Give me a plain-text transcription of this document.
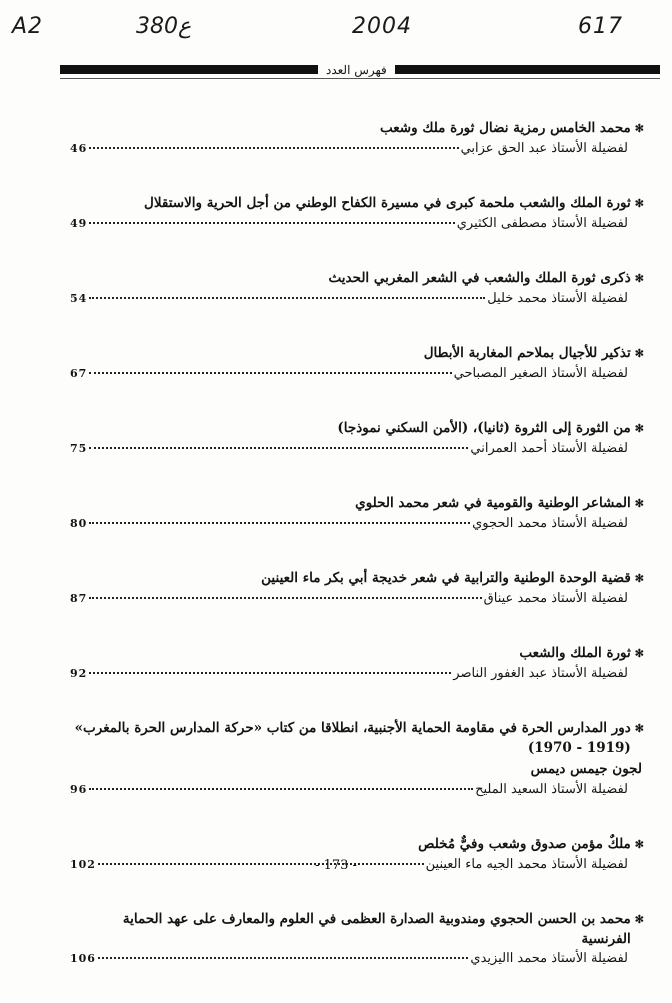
A2	380ع	2004	617
فهرس العدد
✻
محمد الخامس رمزية نضال ثورة ملك وشعب
لفضيلة الأستاذ عبد الحق عزابي
46
✻
ثورة الملك والشعب ملحمة كبرى في مسيرة الكفاح الوطني من أجل الحرية والاستقلال
لفضيلة الأستاذ مصطفى الكثيري
49
✻
ذكرى ثورة الملك والشعب في الشعر المغربي الحديث
لفضيلة الأستاذ محمد خليل
54
✻
تذكير للأجيال بملاحم المغاربة الأبطال
لفضيلة الأستاذ الصغير المصباحي
67
✻
من الثورة إلى الثروة (ثانيا)، (الأمن السكني نموذجا)
لفضيلة الأستاذ أحمد العمراني
75
✻
المشاعر الوطنية والقومية في شعر محمد الحلوي
لفضيلة الأستاذ محمد الحجوي
80
✻
قضية الوحدة الوطنية والترابية في شعر خديجة أبي بكر ماء العينين
لفضيلة الأستاذ محمد عيناق
87
✻
ثورة الملك والشعب
لفضيلة الأستاذ عبد الغفور الناصر
92
✻
دور المدارس الحرة في مقاومة الحماية الأجنبية، انطلاقا من كتاب «حركة المدارس الحرة بالمغرب» (1919 - 1970)
لجون جيمس ديمس
لفضيلة الأستاذ السعيد المليح
96
✻
ملكٌ مؤمن صدوق وشعب وفيٌّ مُخلص
لفضيلة الأستاذ محمد الجيه ماء العينين
102
✻
محمد بن الحسن الحجوي ومندوبية الصدارة العظمى في العلوم والمعارف على عهد الحماية الفرنسية
لفضيلة الأستاذ محمد االيزيدي
106
- 173 -
